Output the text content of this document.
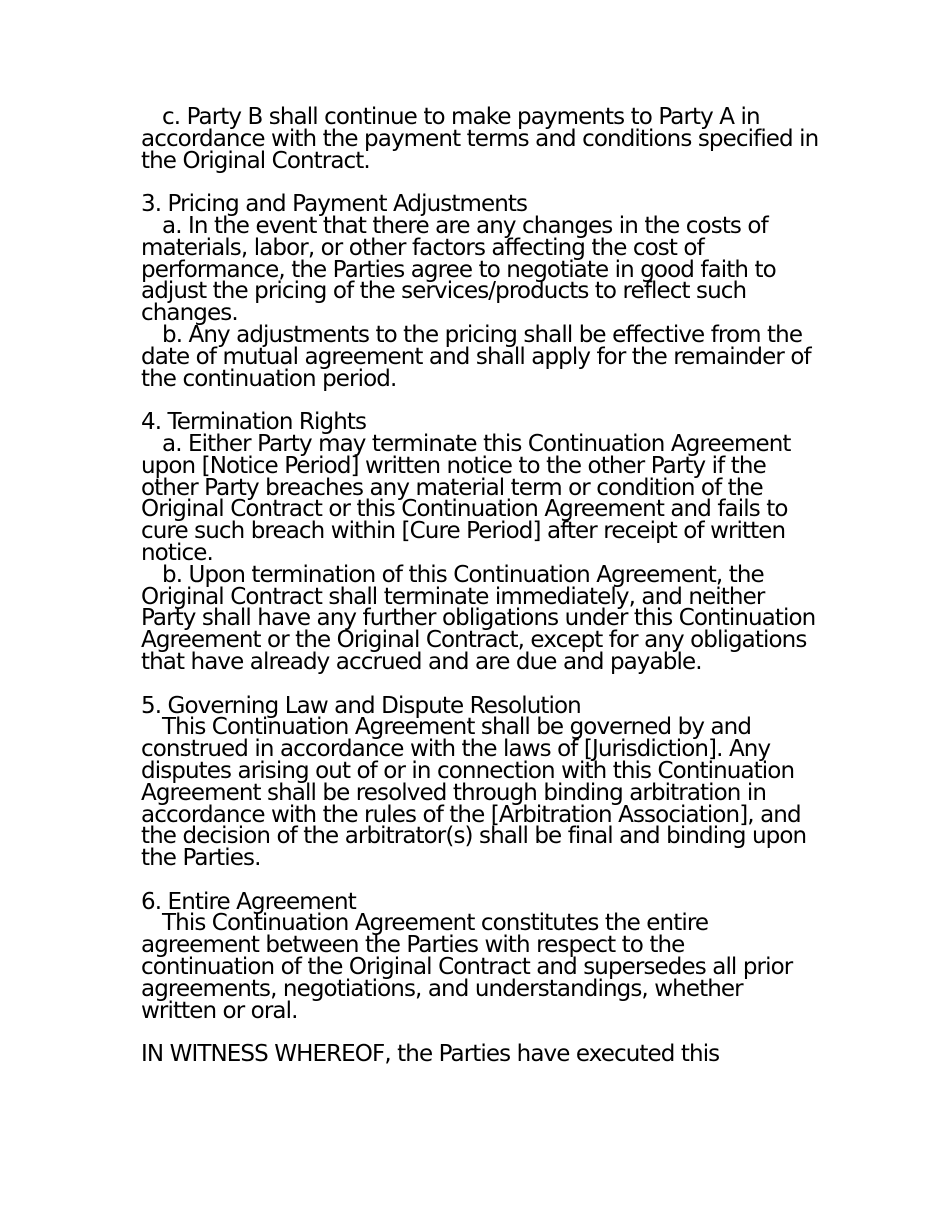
c. Party B shall continue to make payments to Party A in accordance with the payment terms and conditions specified in the Original Contract.

3. Pricing and Payment Adjustments

a. In the event that there are any changes in the costs of materials, labor, or other factors affecting the cost of performance, the Parties agree to negotiate in good faith to adjust the pricing of the services/products to reflect such changes.

b. Any adjustments to the pricing shall be effective from the date of mutual agreement and shall apply for the remainder of the continuation period.

4. Termination Rights

a. Either Party may terminate this Continuation Agreement upon [Notice Period] written notice to the other Party if the other Party breaches any material term or condition of the Original Contract or this Continuation Agreement and fails to cure such breach within [Cure Period] after receipt of written notice.

b. Upon termination of this Continuation Agreement, the Original Contract shall terminate immediately, and neither Party shall have any further obligations under this Continuation Agreement or the Original Contract, except for any obligations that have already accrued and are due and payable.

5. Governing Law and Dispute Resolution

This Continuation Agreement shall be governed by and construed in accordance with the laws of [Jurisdiction]. Any disputes arising out of or in connection with this Continuation Agreement shall be resolved through binding arbitration in accordance with the rules of the [Arbitration Association], and the decision of the arbitrator(s) shall be final and binding upon the Parties.

6. Entire Agreement

This Continuation Agreement constitutes the entire agreement between the Parties with respect to the continuation of the Original Contract and supersedes all prior agreements, negotiations, and understandings, whether written or oral.

IN WITNESS WHEREOF, the Parties have executed this
